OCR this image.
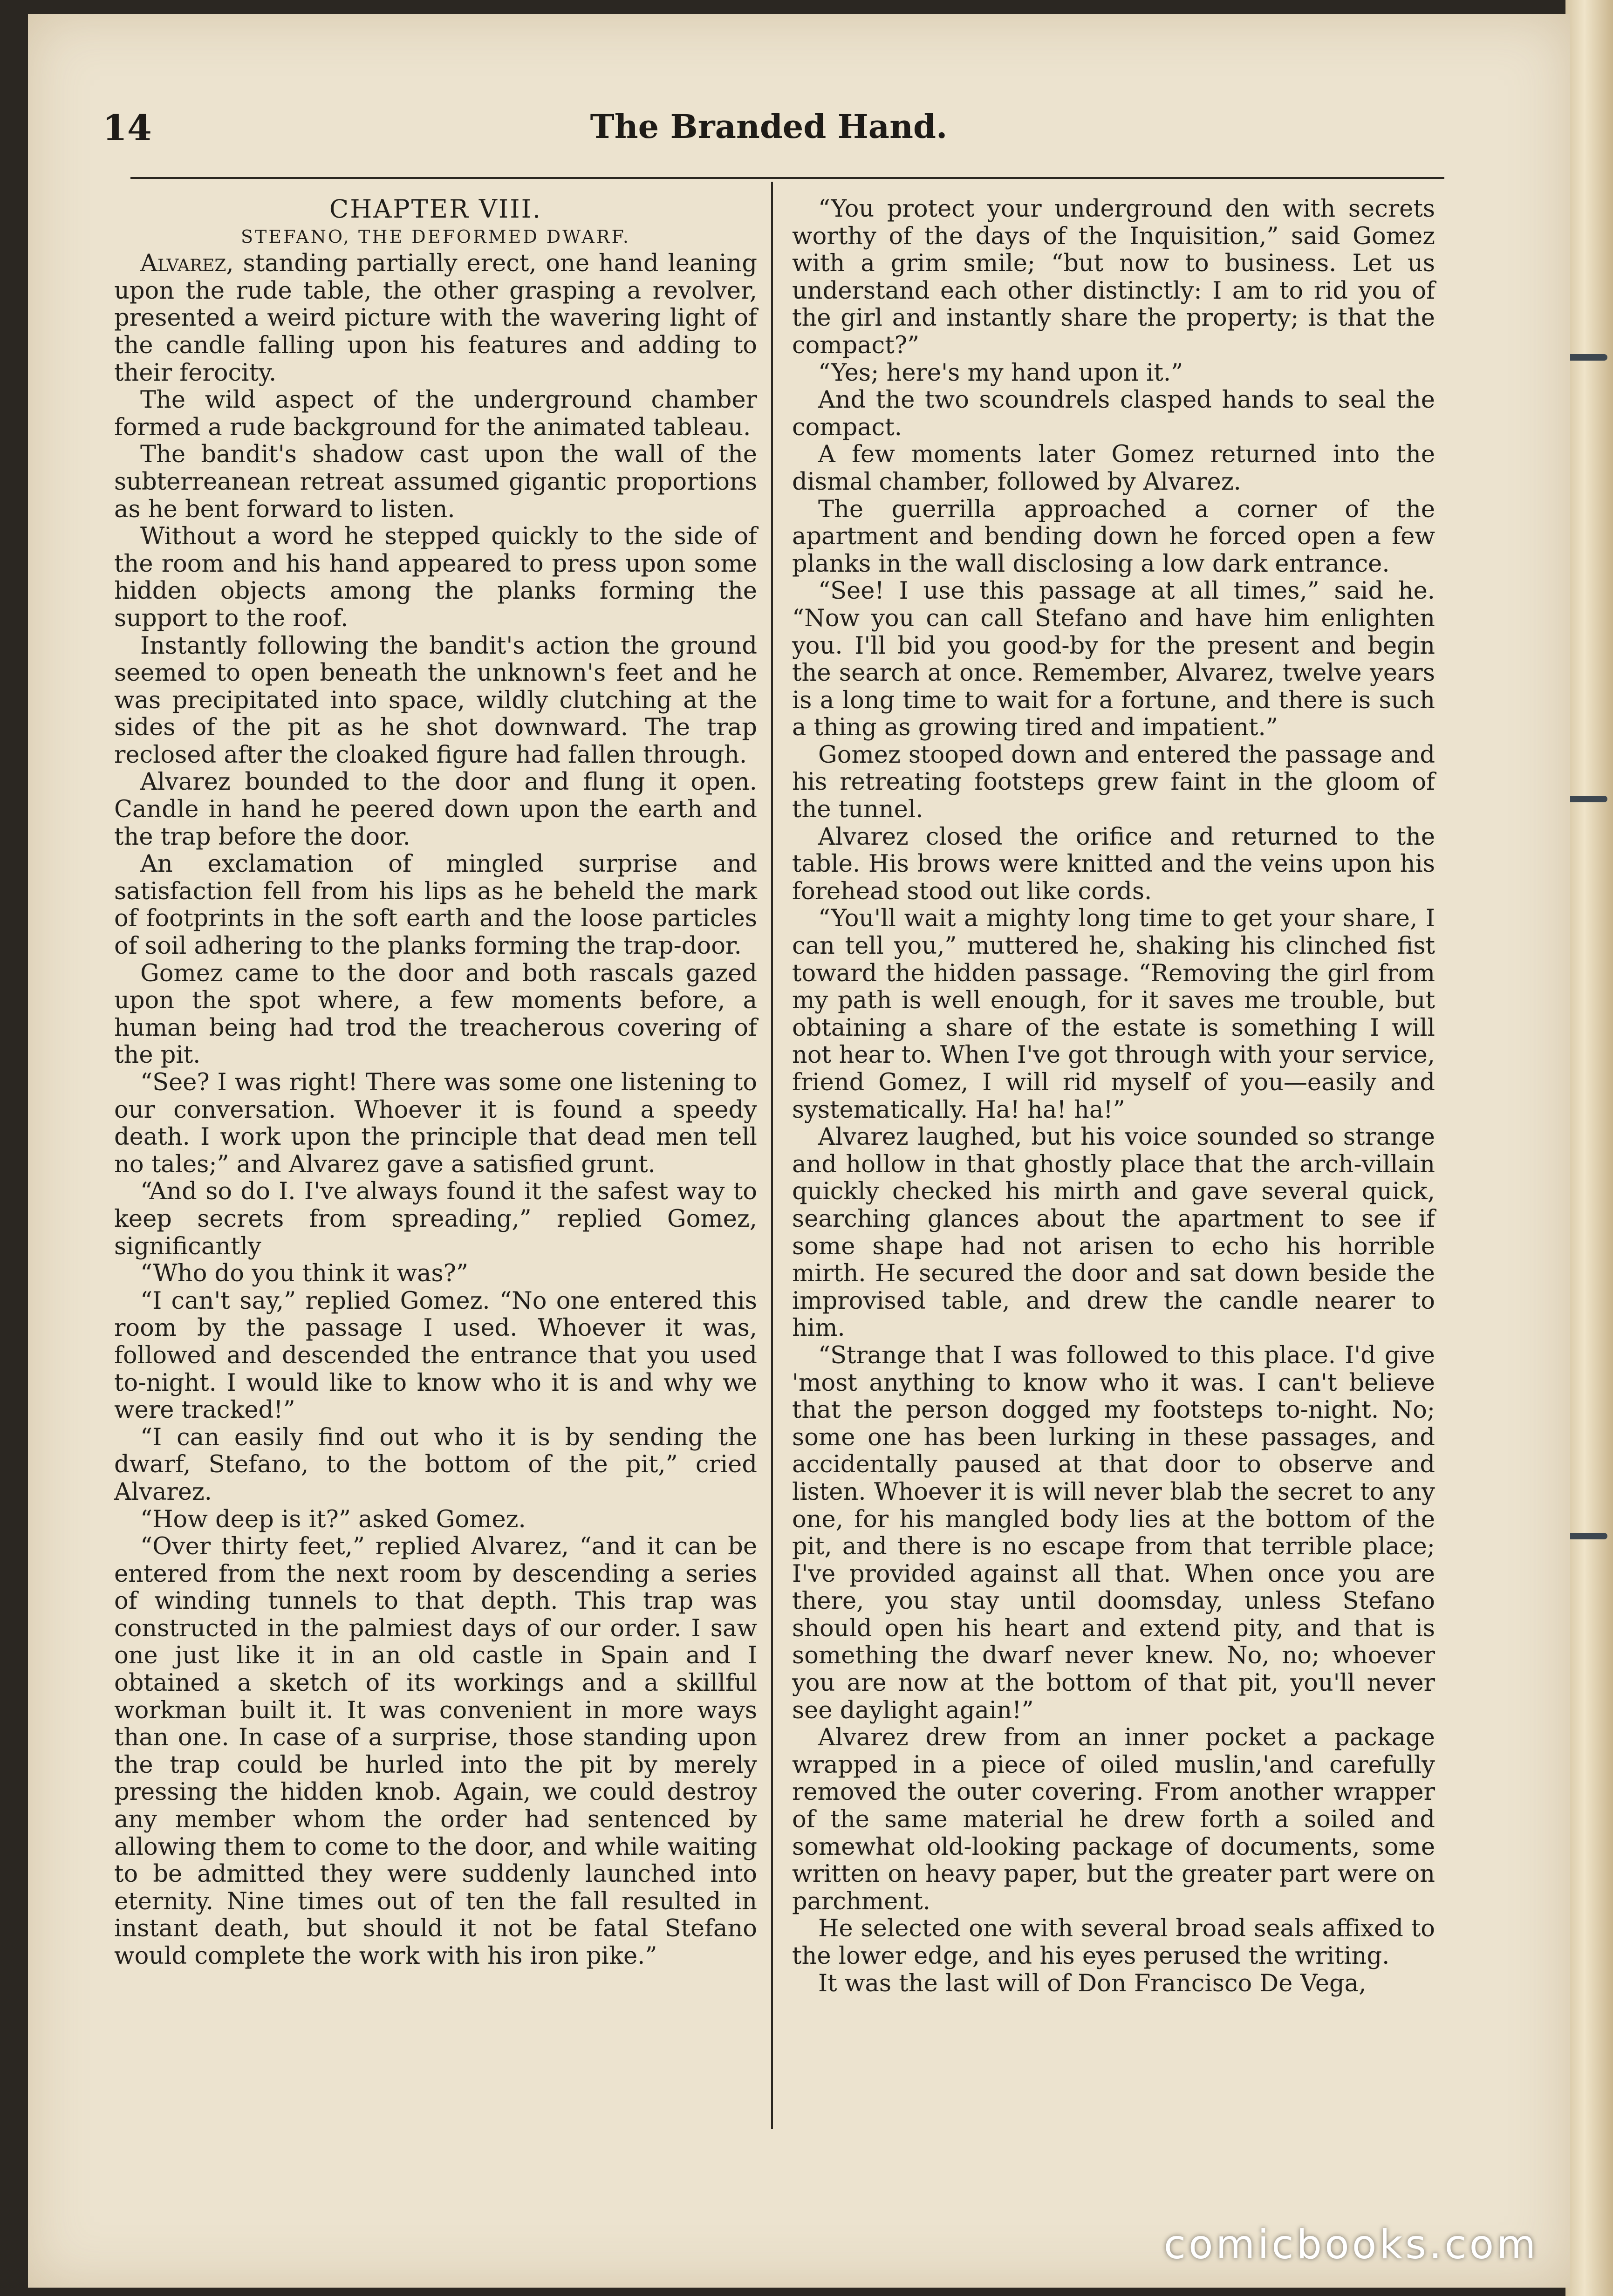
14	The Branded Hand.

CHAPTER VIII.

STEFANO, THE DEFORMED DWARF.

Alvarez, standing partially erect, one hand leaning upon the rude table, the other grasping a revolver, presented a weird picture with the wavering light of the candle falling upon his features and adding to their ferocity.

The wild aspect of the underground chamber formed a rude background for the animated tableau.

The bandit's shadow cast upon the wall of the subterreanean retreat assumed gigantic proportions as he bent forward to listen.

Without a word he stepped quickly to the side of the room and his hand appeared to press upon some hidden objects among the planks forming the support to the roof.

Instantly following the bandit's action the ground seemed to open beneath the unknown's feet and he was precipitated into space, wildly clutching at the sides of the pit as he shot downward. The trap reclosed after the cloaked figure had fallen through.

Alvarez bounded to the door and flung it open. Candle in hand he peered down upon the earth and the trap before the door.

An exclamation of mingled surprise and satisfaction fell from his lips as he beheld the mark of footprints in the soft earth and the loose particles of soil adhering to the planks forming the trap-door.

Gomez came to the door and both rascals gazed upon the spot where, a few moments before, a human being had trod the treacherous covering of the pit.

“See? I was right! There was some one listening to our conversation. Whoever it is found a speedy death. I work upon the principle that dead men tell no tales;” and Alvarez gave a satisfied grunt.

“And so do I. I've always found it the safest way to keep secrets from spreading,” replied Gomez, significantly

“Who do you think it was?”

“I can't say,” replied Gomez. “No one entered this room by the passage I used. Whoever it was, followed and descended the entrance that you used to-night. I would like to know who it is and why we were tracked!”

“I can easily find out who it is by sending the dwarf, Stefano, to the bottom of the pit,” cried Alvarez.

“How deep is it?” asked Gomez.

“Over thirty feet,” replied Alvarez, “and it can be entered from the next room by descending a series of winding tunnels to that depth. This trap was constructed in the palmiest days of our order. I saw one just like it in an old castle in Spain and I obtained a sketch of its workings and a skillful workman built it. It was convenient in more ways than one. In case of a surprise, those standing upon the trap could be hurled into the pit by merely pressing the hidden knob. Again, we could destroy any member whom the order had sentenced by allowing them to come to the door, and while waiting to be admitted they were suddenly launched into eternity. Nine times out of ten the fall resulted in instant death, but should it not be fatal Stefano would complete the work with his iron pike.”

“You protect your underground den with secrets worthy of the days of the Inquisition,” said Gomez with a grim smile; “but now to business. Let us understand each other distinctly: I am to rid you of the girl and instantly share the property; is that the compact?”

“Yes; here's my hand upon it.”

And the two scoundrels clasped hands to seal the compact.

A few moments later Gomez returned into the dismal chamber, followed by Alvarez.

The guerrilla approached a corner of the apartment and bending down he forced open a few planks in the wall disclosing a low dark entrance.

“See! I use this passage at all times,” said he. “Now you can call Stefano and have him enlighten you. I'll bid you good-by for the present and begin the search at once. Remember, Alvarez, twelve years is a long time to wait for a fortune, and there is such a thing as growing tired and impatient.”

Gomez stooped down and entered the passage and his retreating footsteps grew faint in the gloom of the tunnel.

Alvarez closed the orifice and returned to the table. His brows were knitted and the veins upon his forehead stood out like cords.

“You'll wait a mighty long time to get your share, I can tell you,” muttered he, shaking his clinched fist toward the hidden passage. “Removing the girl from my path is well enough, for it saves me trouble, but obtaining a share of the estate is something I will not hear to. When I've got through with your service, friend Gomez, I will rid myself of you—easily and systematically. Ha! ha! ha!”

Alvarez laughed, but his voice sounded so strange and hollow in that ghostly place that the arch-villain quickly checked his mirth and gave several quick, searching glances about the apartment to see if some shape had not arisen to echo his horrible mirth. He secured the door and sat down beside the improvised table, and drew the candle nearer to him.

“Strange that I was followed to this place. I'd give 'most anything to know who it was. I can't believe that the person dogged my footsteps to-night. No; some one has been lurking in these passages, and accidentally paused at that door to observe and listen. Whoever it is will never blab the secret to any one, for his mangled body lies at the bottom of the pit, and there is no escape from that terrible place; I've provided against all that. When once you are there, you stay until doomsday, unless Stefano should open his heart and extend pity, and that is something the dwarf never knew. No, no; whoever you are now at the bottom of that pit, you'll never see daylight again!”

Alvarez drew from an inner pocket a package wrapped in a piece of oiled muslin,'and carefully removed the outer covering. From another wrapper of the same material he drew forth a soiled and somewhat old-looking package of documents, some written on heavy paper, but the greater part were on parchment.

He selected one with several broad seals affixed to the lower edge, and his eyes perused the writing.

It was the last will of Don Francisco De Vega,

comicbooks.com
